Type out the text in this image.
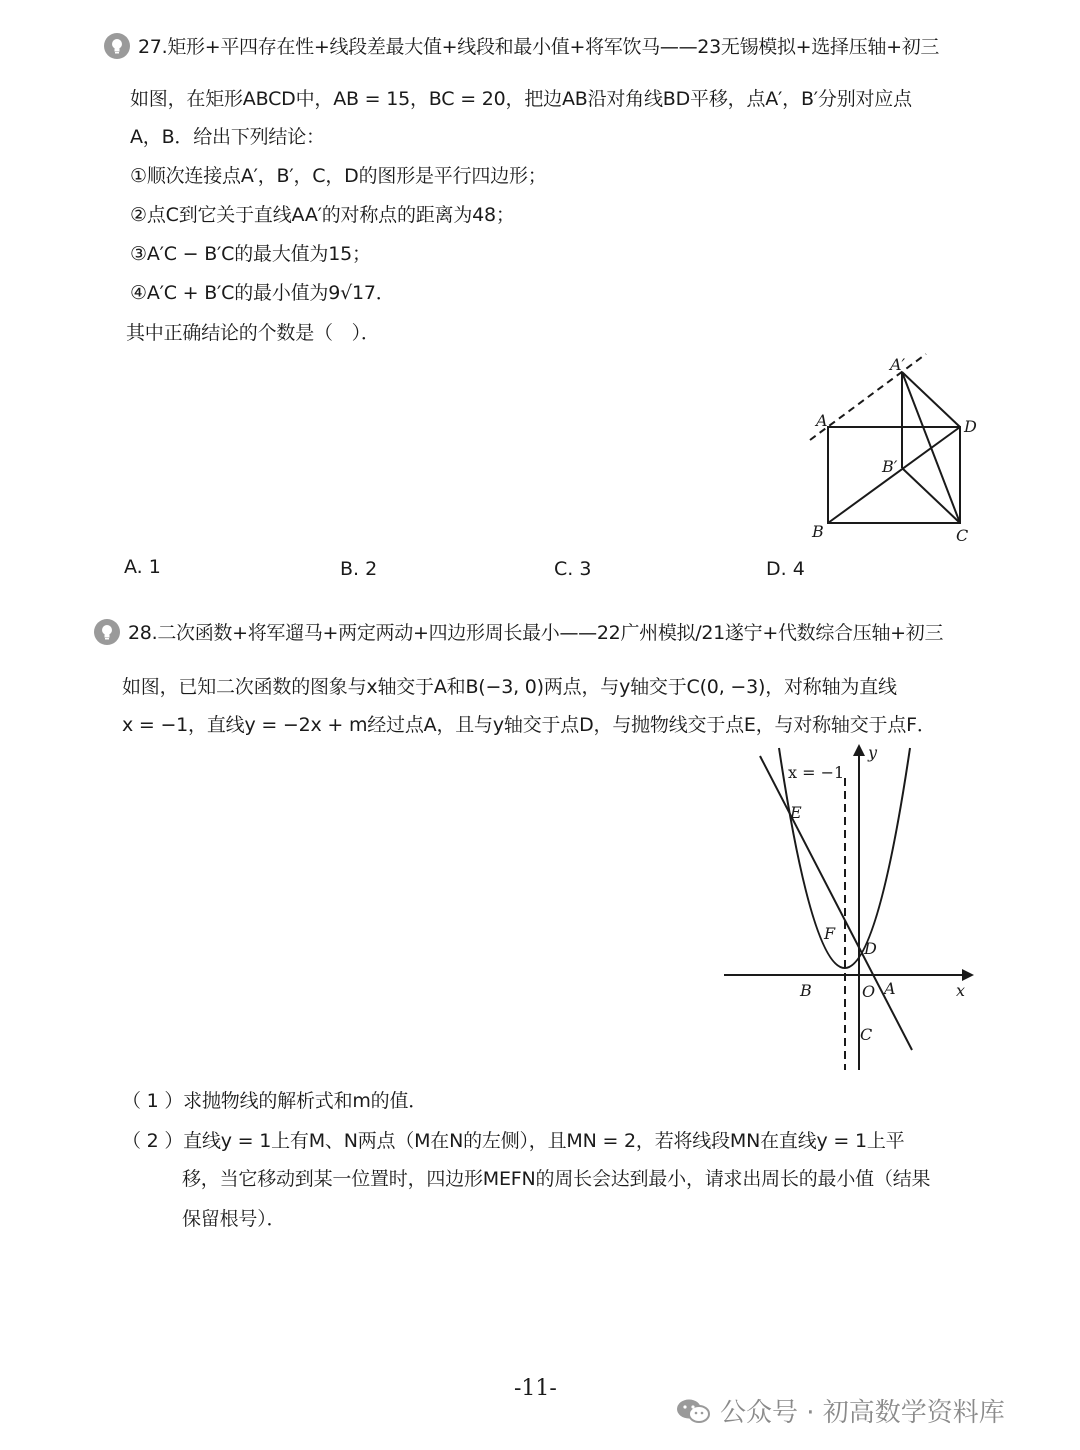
27.矩形+平四存在性+线段差最大值+线段和最小值+将军饮马——23无锡模拟+选择压轴+初三
如图，在矩形ABCD中，AB = 15，BC = 20，把边AB沿对角线BD平移，点A′，B′分别对应点
A，B．给出下列结论：
①顺次连接点A′，B′，C，D的图形是平行四边形；
②点C到它关于直线AA′的对称点的距离为48；
③A′C − B′C的最大值为15；
④A′C + B′C的最小值为9√17．
其中正确结论的个数是（　）．
A′
A	D
B′
B	C
A. 1	B. 2	C. 3	D. 4
28.二次函数+将军遛马+两定两动+四边形周长最小——22广州模拟/21遂宁+代数综合压轴+初三
如图，已知二次函数的图象与x轴交于A和B(−3, 0)两点，与y轴交于C(0, −3)，对称轴为直线
x = −1，直线y = −2x + m经过点A，且与y轴交于点D，与抛物线交于点E，与对称轴交于点F．
x = −1
y
x
E
F
D
B	O A
C
（ 1 ）求抛物线的解析式和m的值．
（ 2 ）直线y = 1上有M、N两点（M在N的左侧），且MN = 2，若将线段MN在直线y = 1上平
移，当它移动到某一位置时，四边形MEFN的周长会达到最小，请求出周长的最小值（结果
保留根号）．
-11-
公众号 · 初高数学资料库
